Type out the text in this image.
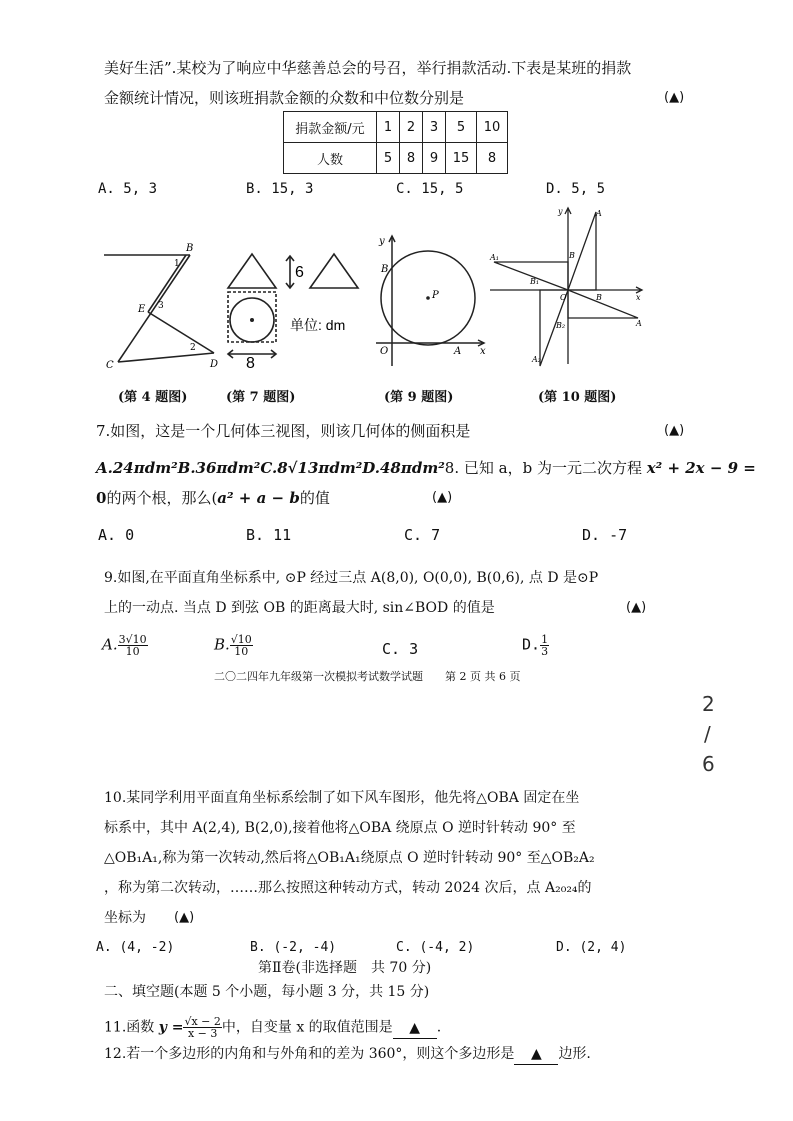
美好生活”.某校为了响应中华慈善总会的号召，举行捐款活动.下表是某班的捐款
金额统计情况，则该班捐款金额的众数和中位数分别是	(▲)
捐款金额/元	1	2	3	5	10
人数	5	8	9	15	8
A. 5, 3	B. 15, 3	C. 15, 5	D. 5, 5
B
1
E 3
2
C	D
(第 4 题图)
6
8
单位: dm
(第 7 题图)
y
B
P
O	A x
(第 9 题图)
y	A
A₁	B
B₁
O	B	x
B₂	A
A₂
(第 10 题图)
7.如图，这是一个几何体三视图，则该几何体的侧面积是	(▲)
A.24πdm²B.36πdm²C.8√13πdm²D.48πdm²8. 已知 a，b 为一元二次方程 x² + 2x − 9 =
0的两个根，那么(a² + a − b的值	(▲)
A. 0	B. 11	C. 7	D. -7
9.如图,在平面直角坐标系中, ⊙P 经过三点 A(8,0), O(0,0), B(0,6), 点 D 是⊙P
上的一动点. 当点 D 到弦 OB 的距离最大时, sin∠BOD 的值是	(▲)
A. $\frac{3√10}{10}$	B. $\frac{√10}{10}$	C. 3	D. $\frac{1}{3}$
二〇二四年九年级第一次模拟考试数学试题　　第 2 页 共 6 页
2
/
6
10.某同学利用平面直角坐标系绘制了如下风车图形，他先将△OBA 固定在坐
标系中，其中 A(2,4), B(2,0),接着他将△OBA 绕原点 O 逆时针转动 90° 至
△OB₁A₁,称为第一次转动,然后将△OB₁A₁绕原点 O 逆时针转动 90° 至△OB₂A₂
，称为第二次转动，……那么按照这种转动方式，转动 2024 次后，点 A₂₀₂₄的
坐标为 (▲)
A. (4, -2)	B. (-2, -4)	C. (-4, 2)	D. (2, 4)
第Ⅱ卷(非选择题　共 70 分)
二、填空题(本题 5 个小题，每小题 3 分，共 15 分)
11.函数 $y = \frac{√x - 2}{x - 3}$ 中，自变量 x 的取值范围是 ▲ .
12.若一个多边形的内角和与外角和的差为 360°，则这个多边形是 ▲ 边形.
